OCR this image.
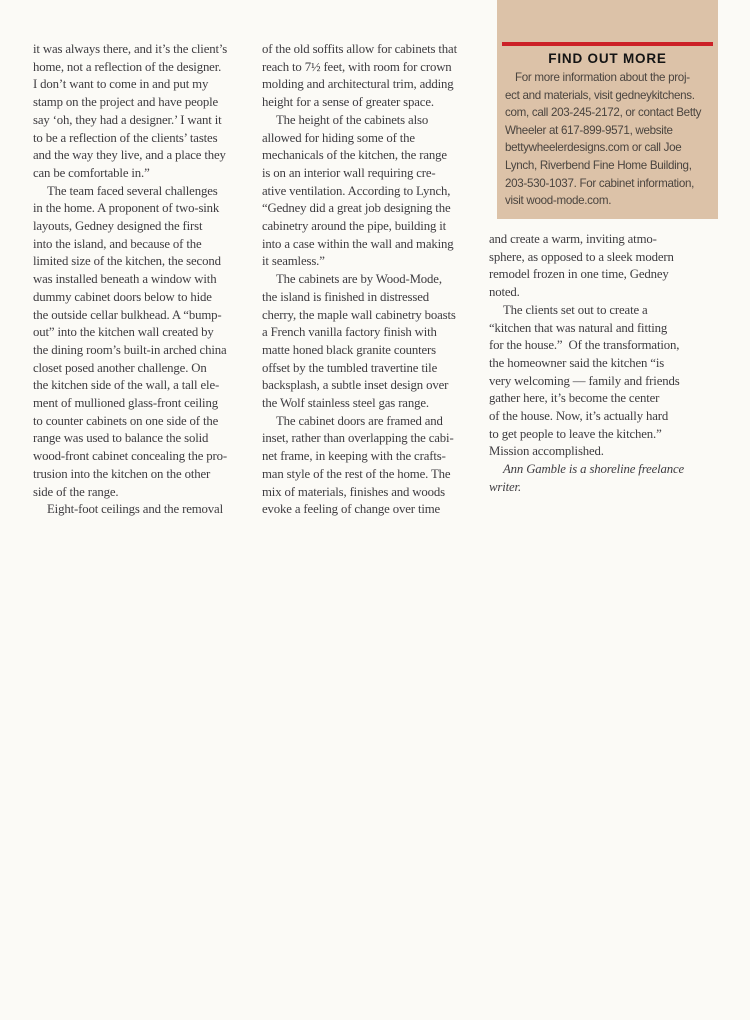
it was always there, and it’s the client’s
home, not a reflection of the designer.
I don’t want to come in and put my
stamp on the project and have people
say ‘oh, they had a designer.’ I want it
to be a reflection of the clients’ tastes
and the way they live, and a place they
can be comfortable in.”
The team faced several challenges
in the home. A proponent of two-sink
layouts, Gedney designed the first
into the island, and because of the
limited size of the kitchen, the second
was installed beneath a window with
dummy cabinet doors below to hide
the outside cellar bulkhead. A “bump-
out” into the kitchen wall created by
the dining room’s built-in arched china
closet posed another challenge. On
the kitchen side of the wall, a tall ele-
ment of mullioned glass-front ceiling
to counter cabinets on one side of the
range was used to balance the solid
wood-front cabinet concealing the pro-
trusion into the kitchen on the other
side of the range.
Eight-foot ceilings and the removal
of the old soffits allow for cabinets that
reach to 7½ feet, with room for crown
molding and architectural trim, adding
height for a sense of greater space.
The height of the cabinets also
allowed for hiding some of the
mechanicals of the kitchen, the range
is on an interior wall requiring cre-
ative ventilation. According to Lynch,
“Gedney did a great job designing the
cabinetry around the pipe, building it
into a case within the wall and making
it seamless.”
The cabinets are by Wood-Mode,
the island is finished in distressed
cherry, the maple wall cabinetry boasts
a French vanilla factory finish with
matte honed black granite counters
offset by the tumbled travertine tile
backsplash, a subtle inset design over
the Wolf stainless steel gas range.
The cabinet doors are framed and
inset, rather than overlapping the cabi-
net frame, in keeping with the crafts-
man style of the rest of the home. The
mix of materials, finishes and woods
evoke a feeling of change over time
FIND OUT MORE
For more information about the proj-
ect and materials, visit gedneykitchens.
com, call 203-245-2172, or contact Betty
Wheeler at 617-899-9571, website
bettywheelerdesigns.com or call Joe
Lynch, Riverbend Fine Home Building,
203-530-1037. For cabinet information,
visit wood-mode.com.
and create a warm, inviting atmo-
sphere, as opposed to a sleek modern
remodel frozen in one time, Gedney
noted.
The clients set out to create a
“kitchen that was natural and fitting
for the house.”  Of the transformation,
the homeowner said the kitchen “is
very welcoming — family and friends
gather here, it’s become the center
of the house. Now, it’s actually hard
to get people to leave the kitchen.”
Mission accomplished.
Ann Gamble is a shoreline freelance
writer.
